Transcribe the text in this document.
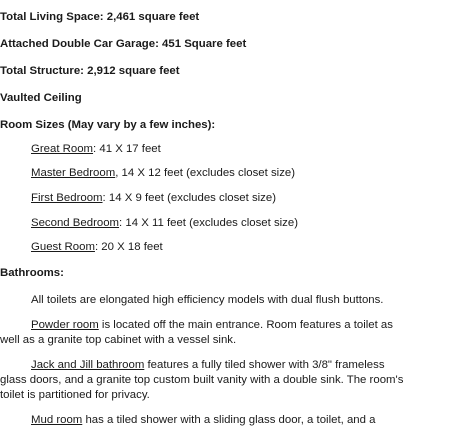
Total Living Space: 2,461 square feet
Attached Double Car Garage: 451 Square feet
Total Structure: 2,912 square feet
Vaulted Ceiling
Room Sizes (May vary by a few inches):
Great Room: 41 X 17 feet
Master Bedroom, 14 X 12 feet (excludes closet size)
First Bedroom: 14 X 9 feet (excludes closet size)
Second Bedroom: 14 X 11 feet (excludes closet size)
Guest Room: 20 X 18 feet
Bathrooms:
All toilets are elongated high efficiency models with dual flush buttons.
Powder room is located off the main entrance. Room features a toilet as
well as a granite top cabinet with a vessel sink.
Jack and Jill bathroom features a fully tiled shower with 3/8" frameless
glass doors, and a granite top custom built vanity with a double sink. The room's
toilet is partitioned for privacy.
Mud room has a tiled shower with a sliding glass door, a toilet, and a
